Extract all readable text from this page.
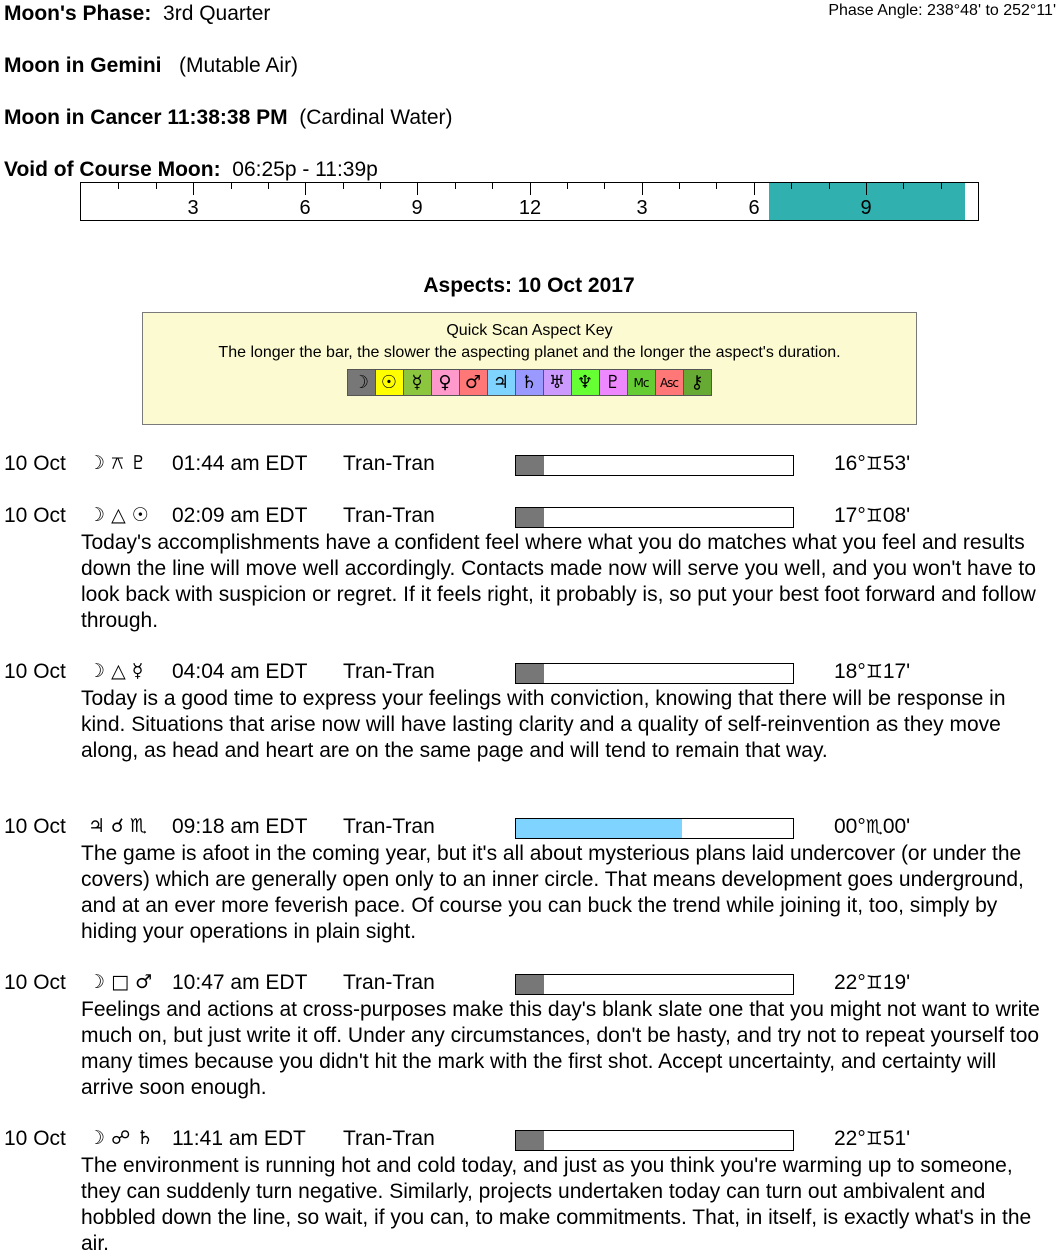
Moon's Phase: 3rd Quarter	Phase Angle: 238°48' to 252°11'
Moon in Gemini (Mutable Air)
Moon in Cancer 11:38:38 PM (Cardinal Water)
Void of Course Moon: 06:25p - 11:39p
3	6	9	12	3	6	9
Aspects: 10 Oct 2017
Quick Scan Aspect Key
The longer the bar, the slower the aspecting planet and the longer the aspect's duration.
☽ ☉ ☿ ♀ ♂ ♃ ♄ ♅ ♆ ♇	Mc Asc ⚷
10 Oct ☽ ⚻ ♇ 01:44 am EDT Tran-Tran	16°♊53'
10 Oct ☽ △ ☉ 02:09 am EDT Tran-Tran	17°♊08'
Today's accomplishments have a confident feel where what you do matches what you feel and results down the line will move well accordingly. Contacts made now will serve you well, and you won't have to look back with suspicion or regret. If it feels right, it probably is, so put your best foot forward and follow through.
10 Oct ☽ △ ☿ 04:04 am EDT Tran-Tran	18°♊17'
Today is a good time to express your feelings with conviction, knowing that there will be response in kind. Situations that arise now will have lasting clarity and a quality of self-reinvention as they move along, as head and heart are on the same page and will tend to remain that way.
10 Oct ♃ ☌ ♏ 09:18 am EDT Tran-Tran	00°♏00'
The game is afoot in the coming year, but it's all about mysterious plans laid undercover (or under the covers) which are generally open only to an inner circle. That means development goes underground, and at an ever more feverish pace. Of course you can buck the trend while joining it, too, simply by hiding your operations in plain sight.
10 Oct ☽ □ ♂ 10:47 am EDT Tran-Tran	22°♊19'
Feelings and actions at cross-purposes make this day's blank slate one that you might not want to write much on, but just write it off. Under any circumstances, don't be hasty, and try not to repeat yourself too many times because you didn't hit the mark with the first shot. Accept uncertainty, and certainty will arrive soon enough.
10 Oct ☽ ☍ ♄ 11:41 am EDT Tran-Tran	22°♊51'
The environment is running hot and cold today, and just as you think you're warming up to someone, they can suddenly turn negative. Similarly, projects undertaken today can turn out ambivalent and hobbled down the line, so wait, if you can, to make commitments. That, in itself, is exactly what's in the air.
